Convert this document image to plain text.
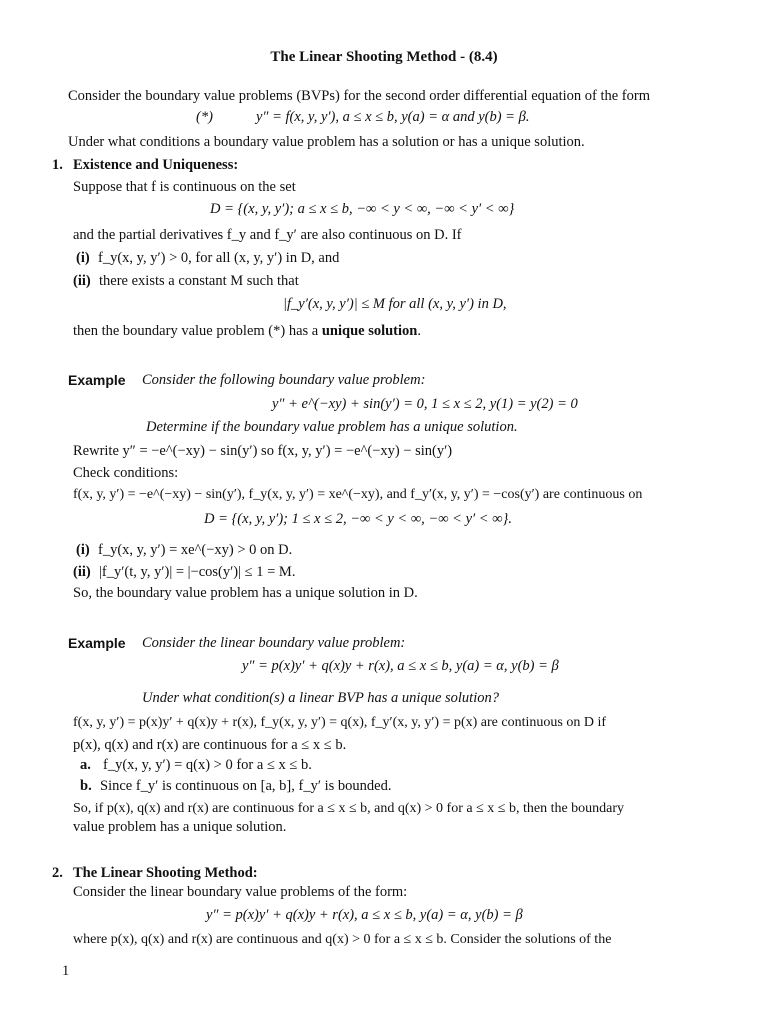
The Linear Shooting Method - (8.4)
Consider the boundary value problems (BVPs) for the second order differential equation of the form
(*)	y″ = f(x, y, y′), a ≤ x ≤ b, y(a) = α and y(b) = β.
Under what conditions a boundary value problem has a solution or has a unique solution.
1. Existence and Uniqueness:
Suppose that f is continuous on the set
D = {(x, y, y′); a ≤ x ≤ b, −∞ < y < ∞, −∞ < y′ < ∞}
and the partial derivatives f_y and f_y′ are also continuous on D. If
(i) f_y(x, y, y′) > 0, for all (x, y, y′) in D, and
(ii) there exists a constant M such that
|f_y′(x, y, y′)| ≤ M for all (x, y, y′) in D,
then the boundary value problem (*) has a unique solution.
Example Consider the following boundary value problem:
y″ + e^(−xy) + sin(y′) = 0, 1 ≤ x ≤ 2, y(1) = y(2) = 0
Determine if the boundary value problem has a unique solution.
Rewrite y″ = −e^(−xy) − sin(y′) so f(x, y, y′) = −e^(−xy) − sin(y′)
Check conditions:
f(x, y, y′) = −e^(−xy) − sin(y′), f_y(x, y, y′) = xe^(−xy), and f_y′(x, y, y′) = −cos(y′) are continuous on
D = {(x, y, y′); 1 ≤ x ≤ 2, −∞ < y < ∞, −∞ < y′ < ∞}.
(i) f_y(x, y, y′) = xe^(−xy) > 0 on D.
(ii) |f_y′(t, y, y′)| = |−cos(y′)| ≤ 1 = M.
So, the boundary value problem has a unique solution in D.
Example Consider the linear boundary value problem:
y″ = p(x)y′ + q(x)y + r(x), a ≤ x ≤ b, y(a) = α, y(b) = β
Under what condition(s) a linear BVP has a unique solution?
f(x, y, y′) = p(x)y′ + q(x)y + r(x), f_y(x, y, y′) = q(x), f_y′(x, y, y′) = p(x) are continuous on D if
p(x), q(x) and r(x) are continuous for a ≤ x ≤ b.
a. f_y(x, y, y′) = q(x) > 0 for a ≤ x ≤ b.
b. Since f_y′ is continuous on [a, b], f_y′ is bounded.
So, if p(x), q(x) and r(x) are continuous for a ≤ x ≤ b, and q(x) > 0 for a ≤ x ≤ b, then the boundary
value problem has a unique solution.
2. The Linear Shooting Method:
Consider the linear boundary value problems of the form:
y″ = p(x)y′ + q(x)y + r(x), a ≤ x ≤ b, y(a) = α, y(b) = β
where p(x), q(x) and r(x) are continuous and q(x) > 0 for a ≤ x ≤ b. Consider the solutions of the
1
